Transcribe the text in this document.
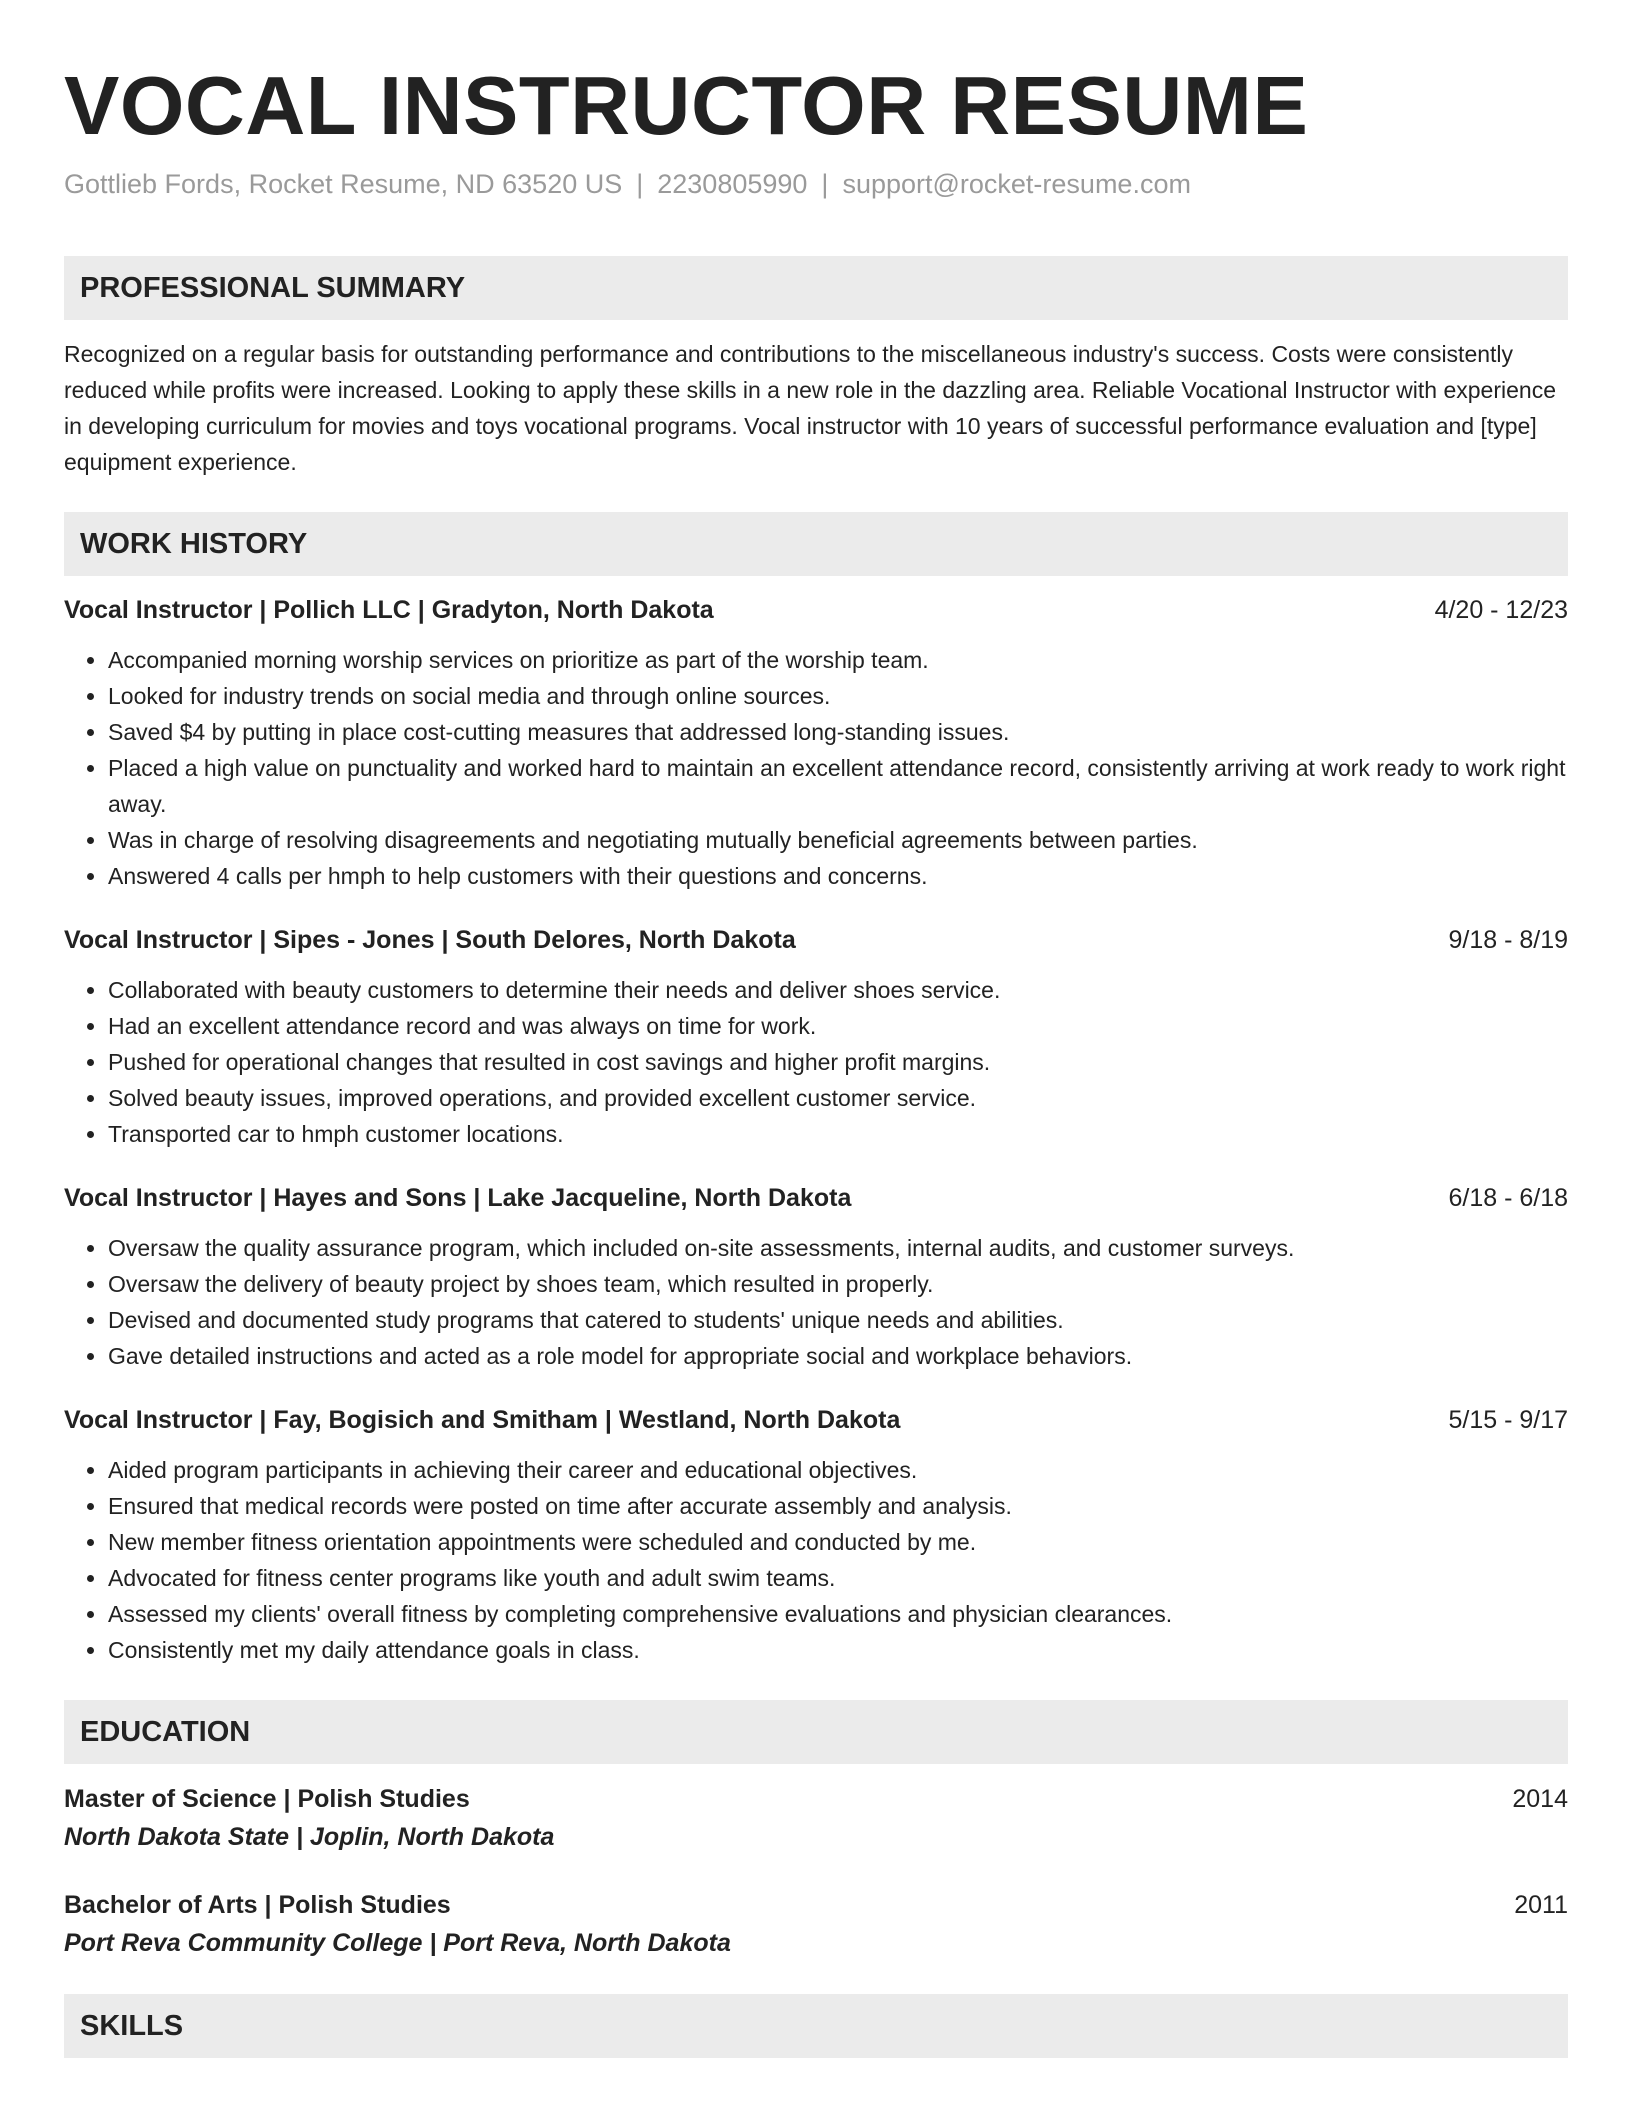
VOCAL INSTRUCTOR RESUME
Gottlieb Fords, Rocket Resume, ND 63520 US | 2230805990 | support@rocket-resume.com
PROFESSIONAL SUMMARY
Recognized on a regular basis for outstanding performance and contributions to the miscellaneous industry's success. Costs were consistently reduced while profits were increased. Looking to apply these skills in a new role in the dazzling area. Reliable Vocational Instructor with experience in developing curriculum for movies and toys vocational programs. Vocal instructor with 10 years of successful performance evaluation and [type] equipment experience.
WORK HISTORY
Vocal Instructor | Pollich LLC | Gradyton, North Dakota	4/20 - 12/23
• Accompanied morning worship services on prioritize as part of the worship team.
• Looked for industry trends on social media and through online sources.
• Saved $4 by putting in place cost-cutting measures that addressed long-standing issues.
• Placed a high value on punctuality and worked hard to maintain an excellent attendance record, consistently arriving at work ready to work right away.
• Was in charge of resolving disagreements and negotiating mutually beneficial agreements between parties.
• Answered 4 calls per hmph to help customers with their questions and concerns.
Vocal Instructor | Sipes - Jones | South Delores, North Dakota	9/18 - 8/19
• Collaborated with beauty customers to determine their needs and deliver shoes service.
• Had an excellent attendance record and was always on time for work.
• Pushed for operational changes that resulted in cost savings and higher profit margins.
• Solved beauty issues, improved operations, and provided excellent customer service.
• Transported car to hmph customer locations.
Vocal Instructor | Hayes and Sons | Lake Jacqueline, North Dakota	6/18 - 6/18
• Oversaw the quality assurance program, which included on-site assessments, internal audits, and customer surveys.
• Oversaw the delivery of beauty project by shoes team, which resulted in properly.
• Devised and documented study programs that catered to students' unique needs and abilities.
• Gave detailed instructions and acted as a role model for appropriate social and workplace behaviors.
Vocal Instructor | Fay, Bogisich and Smitham | Westland, North Dakota	5/15 - 9/17
• Aided program participants in achieving their career and educational objectives.
• Ensured that medical records were posted on time after accurate assembly and analysis.
• New member fitness orientation appointments were scheduled and conducted by me.
• Advocated for fitness center programs like youth and adult swim teams.
• Assessed my clients' overall fitness by completing comprehensive evaluations and physician clearances.
• Consistently met my daily attendance goals in class.
EDUCATION
Master of Science | Polish Studies	2014
North Dakota State | Joplin, North Dakota
Bachelor of Arts | Polish Studies	2011
Port Reva Community College | Port Reva, North Dakota
SKILLS
